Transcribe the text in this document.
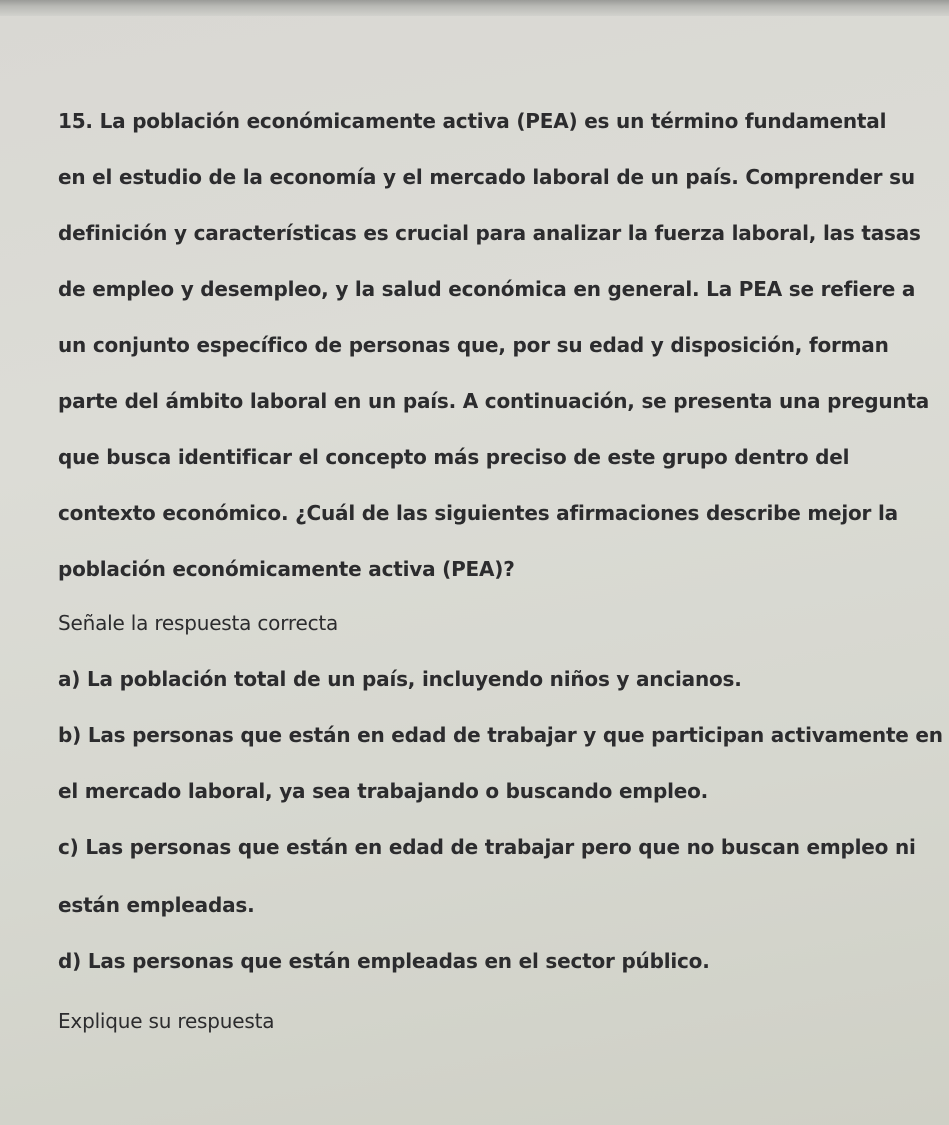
15. La población económicamente activa (PEA) es un término fundamental
en el estudio de la economía y el mercado laboral de un país. Comprender su
definición y características es crucial para analizar la fuerza laboral, las tasas
de empleo y desempleo, y la salud económica en general. La PEA se refiere a
un conjunto específico de personas que, por su edad y disposición, forman
parte del ámbito laboral en un país. A continuación, se presenta una pregunta
que busca identificar el concepto más preciso de este grupo dentro del
contexto económico. ¿Cuál de las siguientes afirmaciones describe mejor la
población económicamente activa (PEA)?
Señale la respuesta correcta
a) La población total de un país, incluyendo niños y ancianos.
b) Las personas que están en edad de trabajar y que participan activamente en
el mercado laboral, ya sea trabajando o buscando empleo.
c) Las personas que están en edad de trabajar pero que no buscan empleo ni
están empleadas.
d) Las personas que están empleadas en el sector público.
Explique su respuesta
